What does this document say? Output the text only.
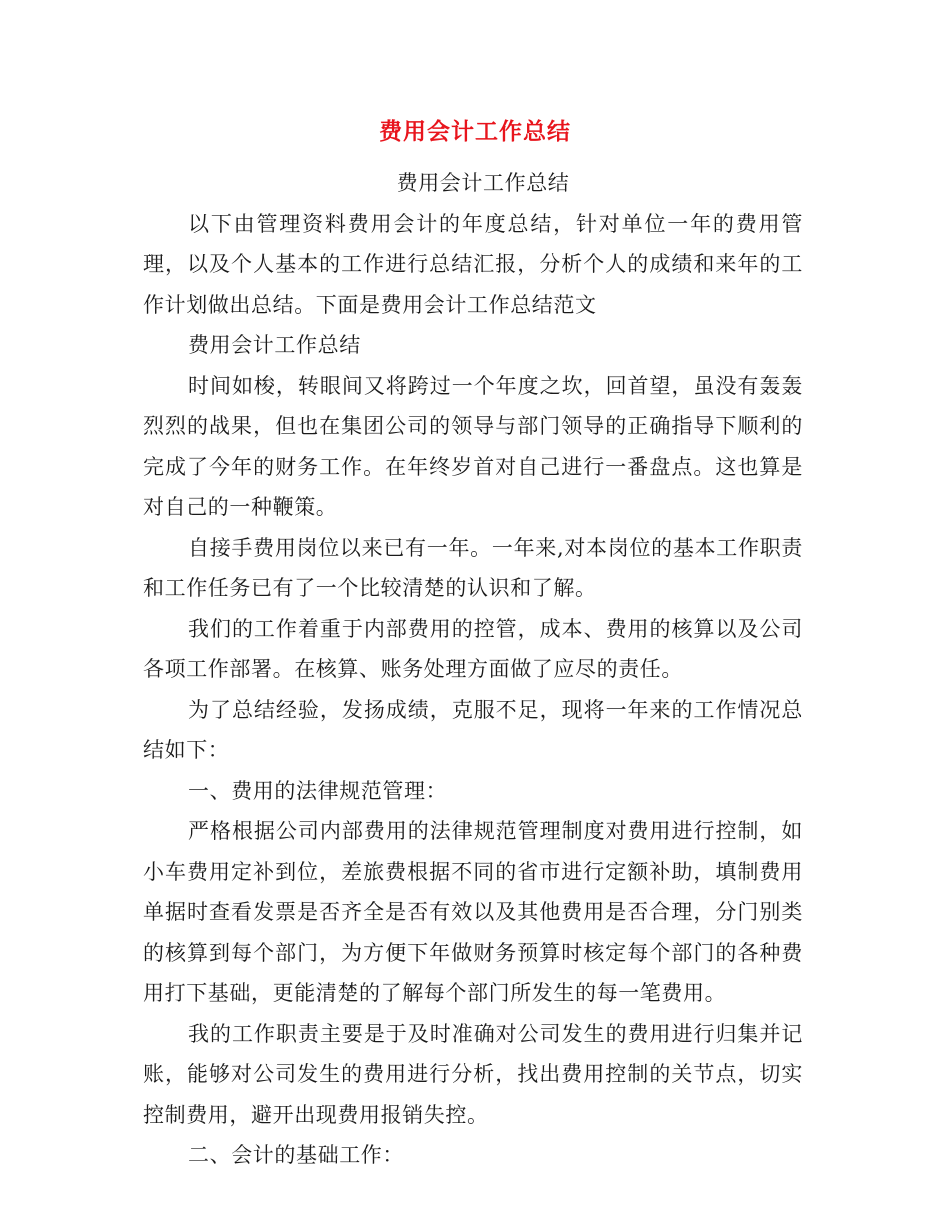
费用会计工作总结

费用会计工作总结

以下由管理资料费用会计的年度总结，针对单位一年的费用管理，以及个人基本的工作进行总结汇报，分析个人的成绩和来年的工作计划做出总结。下面是费用会计工作总结范文

费用会计工作总结

时间如梭，转眼间又将跨过一个年度之坎，回首望，虽没有轰轰烈烈的战果，但也在集团公司的领导与部门领导的正确指导下顺利的完成了今年的财务工作。在年终岁首对自己进行一番盘点。这也算是对自己的一种鞭策。

自接手费用岗位以来已有一年。一年来,对本岗位的基本工作职责和工作任务已有了一个比较清楚的认识和了解。

我们的工作着重于内部费用的控管，成本、费用的核算以及公司各项工作部署。在核算、账务处理方面做了应尽的责任。

为了总结经验，发扬成绩，克服不足，现将一年来的工作情况总结如下：

一、费用的法律规范管理：

严格根据公司内部费用的法律规范管理制度对费用进行控制，如小车费用定补到位，差旅费根据不同的省市进行定额补助，填制费用单据时查看发票是否齐全是否有效以及其他费用是否合理，分门别类的核算到每个部门，为方便下年做财务预算时核定每个部门的各种费用打下基础，更能清楚的了解每个部门所发生的每一笔费用。

我的工作职责主要是于及时准确对公司发生的费用进行归集并记账，能够对公司发生的费用进行分析，找出费用控制的关节点，切实控制费用，避开出现费用报销失控。

二、会计的基础工作：
